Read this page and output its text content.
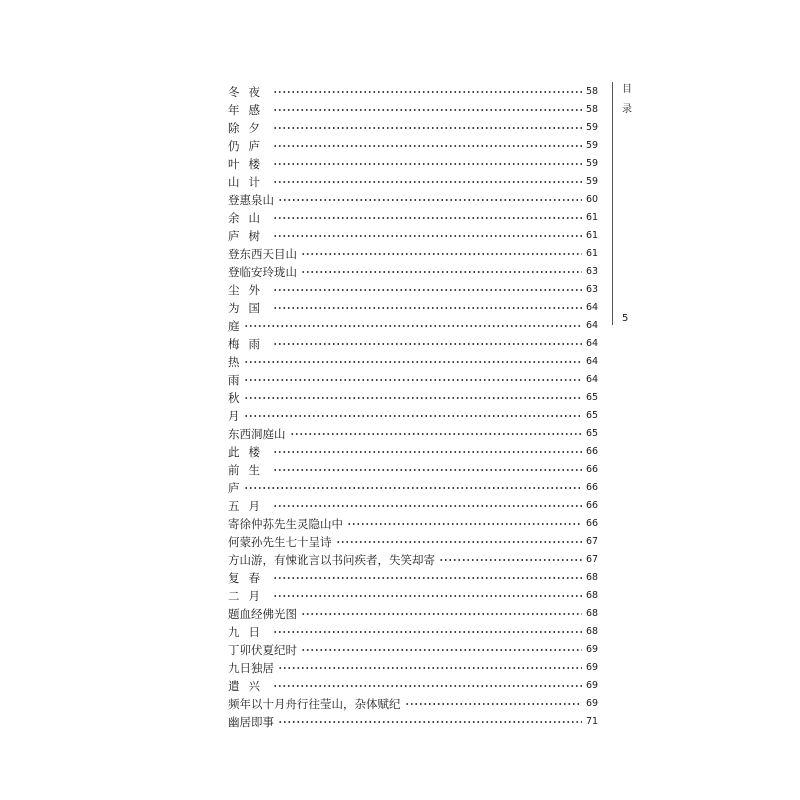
冬夜	58
年感	58
除夕	59
仍庐	59
叶楼	59
山计	59
登惠泉山	60
余山	61
庐树	61
登东西天目山	61
登临安玲珑山	63
尘外	63
为国	64
庭	64
梅雨	64
热	64
雨	64
秋	65
月	65
东西洞庭山	65
此楼	66
前生	66
庐	66
五月	66
寄徐仲荪先生灵隐山中	66
何蒙孙先生七十呈诗	67
方山游，有悚讹言以书问疾者，失笑却寄	67
复春	68
二月	68
题血经佛光图	68
九日	68
丁卯伏夏纪时	69
九日独居	69
遣兴	69
频年以十月舟行往莹山，杂体赋纪	69
幽居即事	71
目
录
5
